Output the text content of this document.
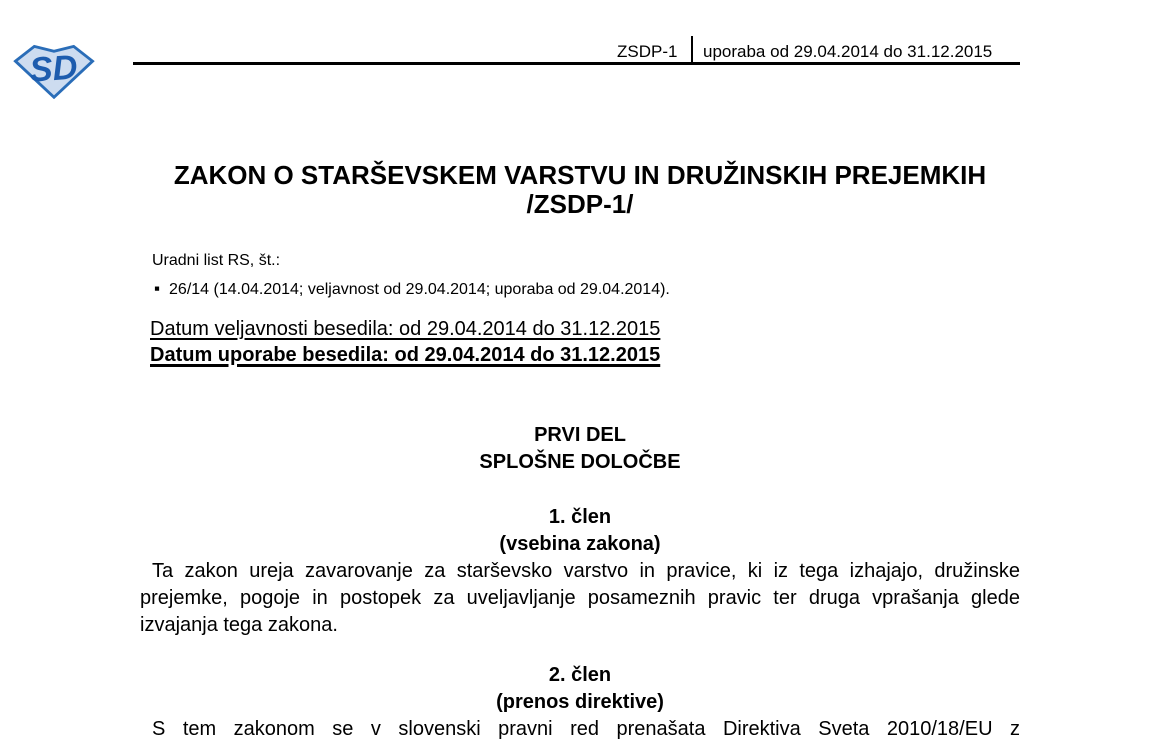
SD	ZSDP-1 uporaba od 29.04.2014 do 31.12.2015
ZAKON O STARŠEVSKEM VARSTVU IN DRUŽINSKIH PREJEMKIH
/ZSDP-1/
Uradni list RS, št.:
▪ 26/14 (14.04.2014; veljavnost od 29.04.2014; uporaba od 29.04.2014).
Datum veljavnosti besedila: od 29.04.2014 do 31.12.2015
Datum uporabe besedila: od 29.04.2014 do 31.12.2015
PRVI DEL
SPLOŠNE DOLOČBE
1. člen
(vsebina zakona)
Ta zakon ureja zavarovanje za starševsko varstvo in pravice, ki iz tega izhajajo, družinske prejemke, pogoje in postopek za uveljavljanje posameznih pravic ter druga vprašanja glede izvajanja tega zakona.
2. člen
(prenos direktive)
S tem zakonom se v slovenski pravni red prenašata Direktiva Sveta 2010/18/EU z
